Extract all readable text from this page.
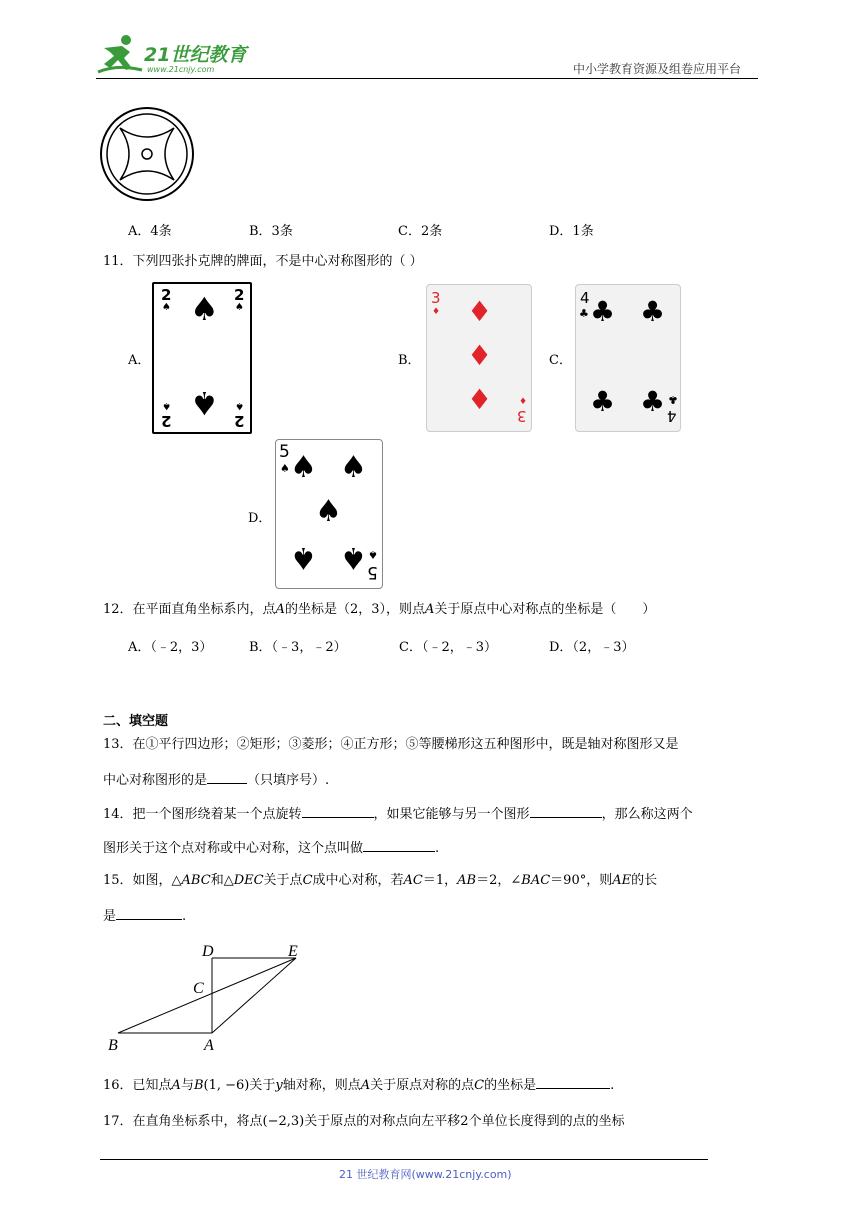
21世纪教育
www.21cnjy.com	中小学教育资源及组卷应用平台
A．4条	B．3条	C．2条	D．1条
11．下列四张扑克牌的牌面，不是中心对称图形的（ ）
A．	B．	C．
D．
2
♠
2
♠
♠
♠
2
♠
2
♠
3
♦ ♦
♦
♦	♦
3
4
♣ ♣ ♣
♣ ♣ ♣
4
5
♠ ♠ ♠
♠
♠ ♠ ♠
5
12．在平面直角坐标系内，点A的坐标是（2，3），则点A关于原点中心对称点的坐标是（　　）
A．（﹣2，3）	B．（﹣3，﹣2）	C．（﹣2，﹣3）	D．（2，﹣3）
二、填空题
13．在①平行四边形；②矩形；③菱形；④正方形；⑤等腰梯形这五种图形中，既是轴对称图形又是
中心对称图形的是	（只填序号）.
14．把一个图形绕着某一个点旋转	，如果它能够与另一个图形	，那么称这两个
图形关于这个点对称或中心对称，这个点叫做	.
15．如图，△ABC和△DEC关于点C成中心对称，若AC＝1，AB＝2，∠BAC＝90°，则AE的长
是	.
D	E
C
B	A
16．已知点A与B(1, −6)关于y轴对称，则点A关于原点对称的点C的坐标是	.
17．在直角坐标系中，将点(−2,3)关于原点的对称点向左平移2个单位长度得到的点的坐标
21 世纪教育网(www.21cnjy.com)
